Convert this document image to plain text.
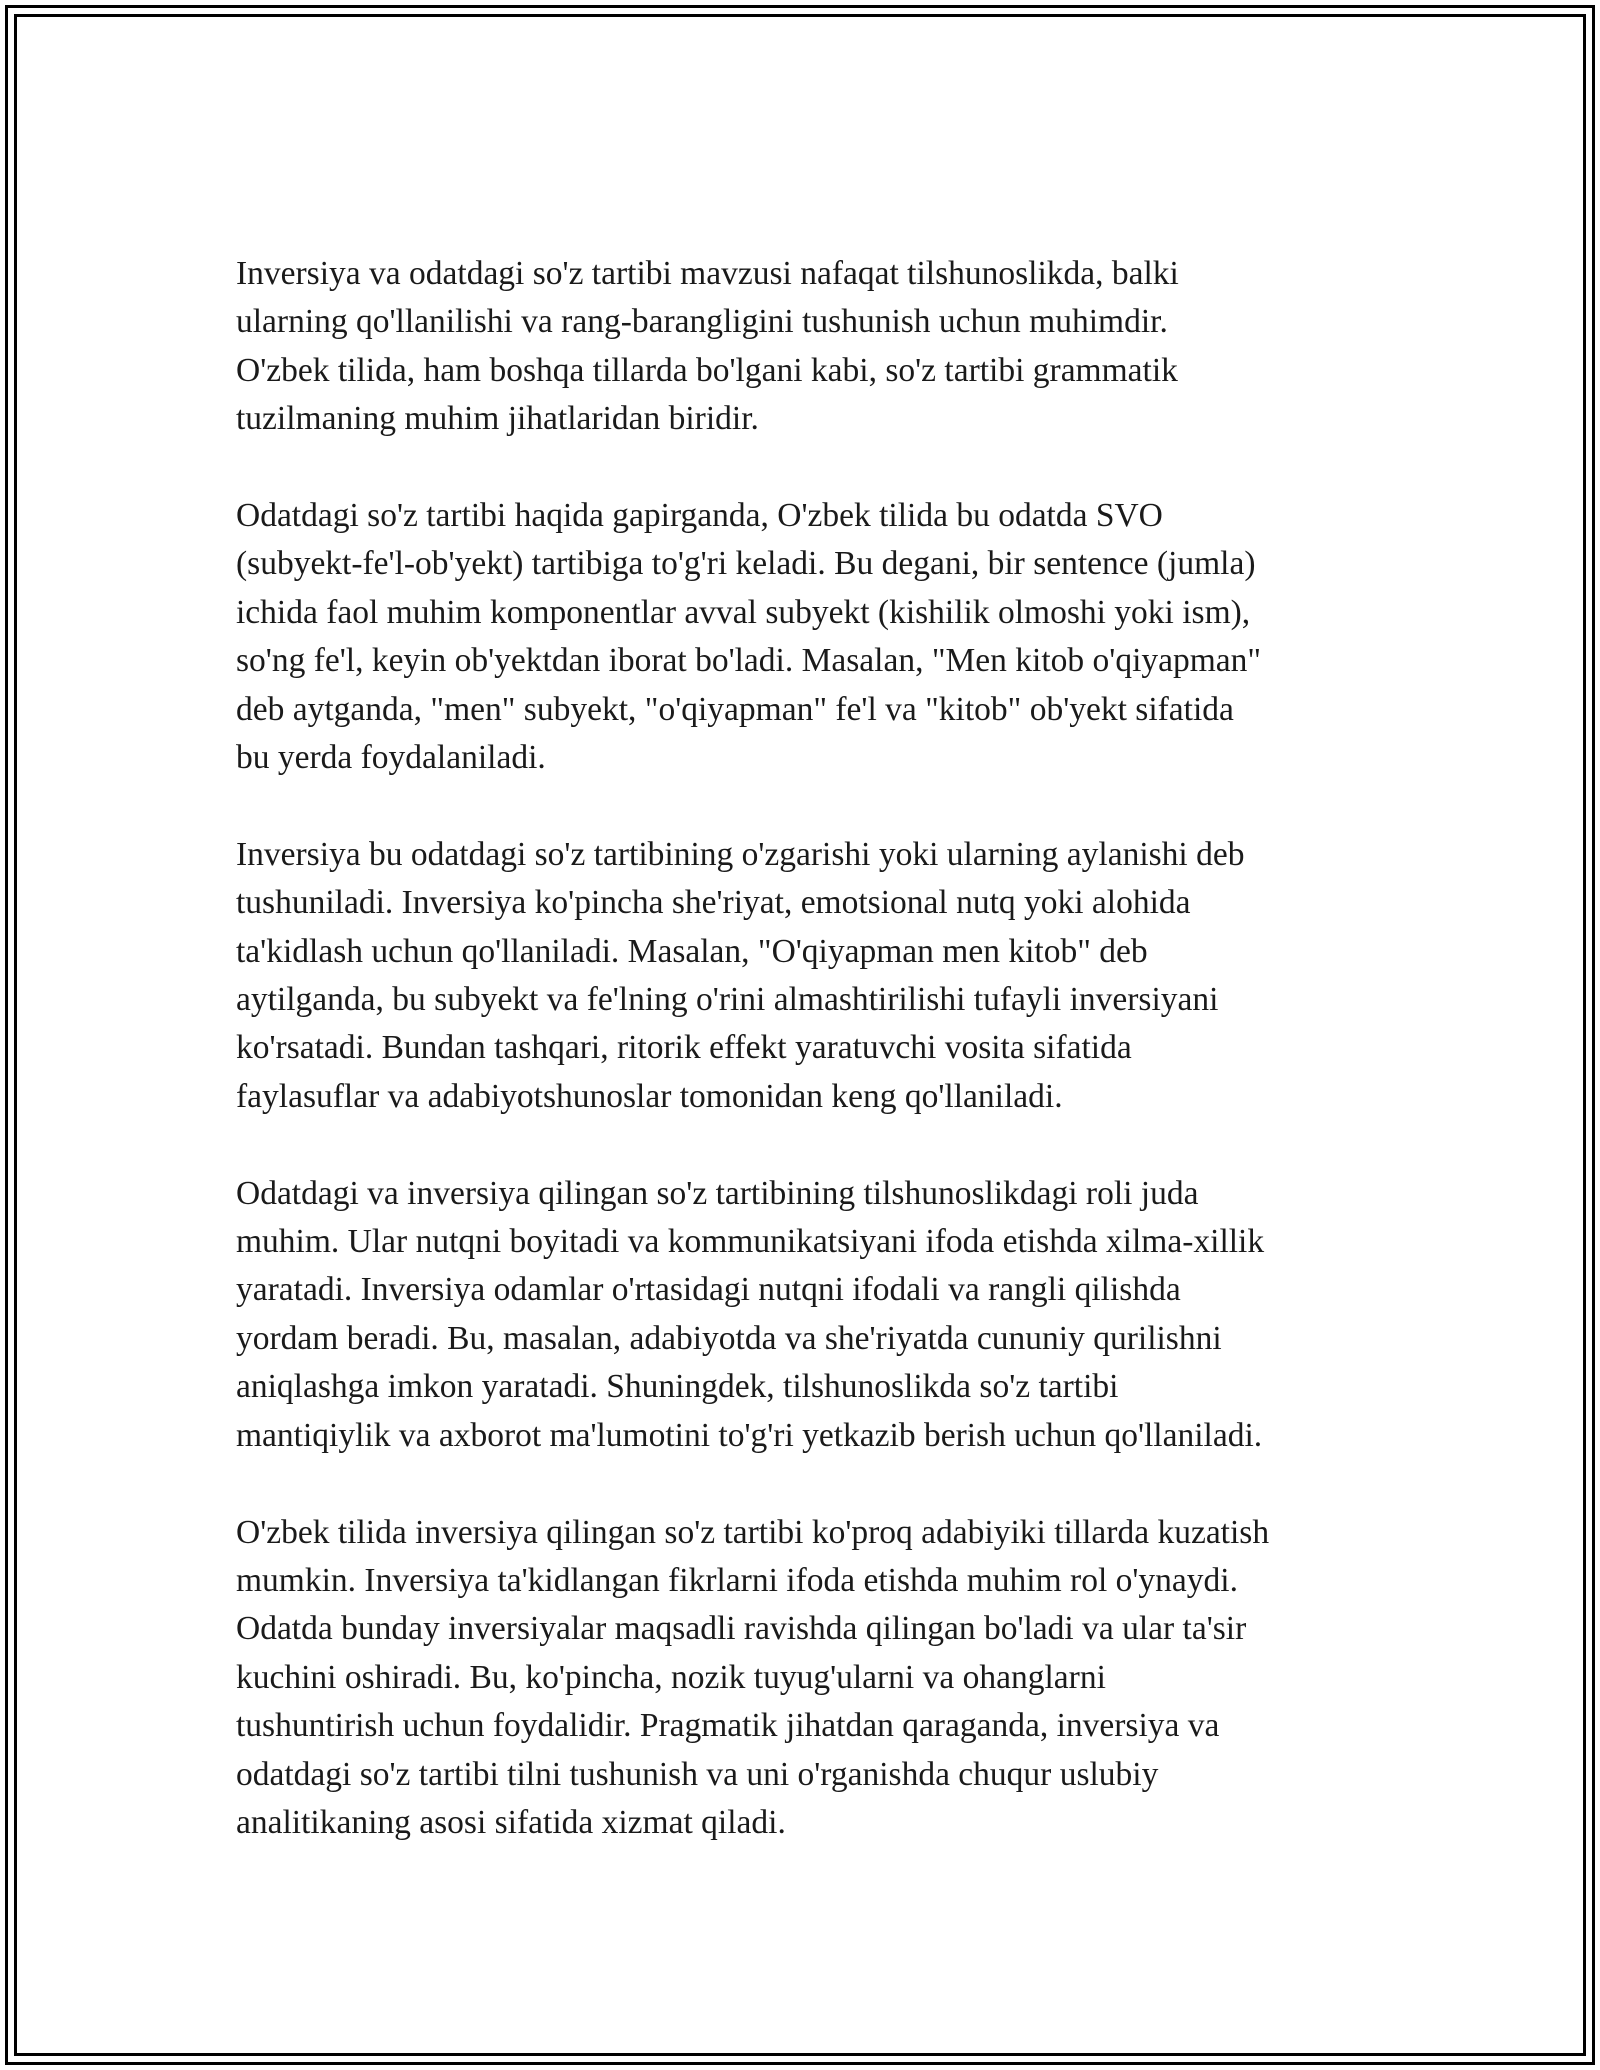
Inversiya va odatdagi so'z tartibi mavzusi nafaqat tilshunoslikda, balki
ularning qo'llanilishi va rang-barangligini tushunish uchun muhimdir.
O'zbek tilida, ham boshqa tillarda bo'lgani kabi, so'z tartibi grammatik
tuzilmaning muhim jihatlaridan biridir.

Odatdagi so'z tartibi haqida gapirganda, O'zbek tilida bu odatda SVO
(subyekt-fe'l-ob'yekt) tartibiga to'g'ri keladi. Bu degani, bir sentence (jumla)
ichida faol muhim komponentlar avval subyekt (kishilik olmoshi yoki ism),
so'ng fe'l, keyin ob'yektdan iborat bo'ladi. Masalan, "Men kitob o'qiyapman"
deb aytganda, "men" subyekt, "o'qiyapman" fe'l va "kitob" ob'yekt sifatida
bu yerda foydalaniladi.

Inversiya bu odatdagi so'z tartibining o'zgarishi yoki ularning aylanishi deb
tushuniladi. Inversiya ko'pincha she'riyat, emotsional nutq yoki alohida
ta'kidlash uchun qo'llaniladi. Masalan, "O'qiyapman men kitob" deb
aytilganda, bu subyekt va fe'lning o'rini almashtirilishi tufayli inversiyani
ko'rsatadi. Bundan tashqari, ritorik effekt yaratuvchi vosita sifatida
faylasuflar va adabiyotshunoslar tomonidan keng qo'llaniladi.

Odatdagi va inversiya qilingan so'z tartibining tilshunoslikdagi roli juda
muhim. Ular nutqni boyitadi va kommunikatsiyani ifoda etishda xilma-xillik
yaratadi. Inversiya odamlar o'rtasidagi nutqni ifodali va rangli qilishda
yordam beradi. Bu, masalan, adabiyotda va she'riyatda cununiy qurilishni
aniqlashga imkon yaratadi. Shuningdek, tilshunoslikda so'z tartibi
mantiqiylik va axborot ma'lumotini to'g'ri yetkazib berish uchun qo'llaniladi.

O'zbek tilida inversiya qilingan so'z tartibi ko'proq adabiyiki tillarda kuzatish
mumkin. Inversiya ta'kidlangan fikrlarni ifoda etishda muhim rol o'ynaydi.
Odatda bunday inversiyalar maqsadli ravishda qilingan bo'ladi va ular ta'sir
kuchini oshiradi. Bu, ko'pincha, nozik tuyug'ularni va ohanglarni
tushuntirish uchun foydalidir. Pragmatik jihatdan qaraganda, inversiya va
odatdagi so'z tartibi tilni tushunish va uni o'rganishda chuqur uslubiy
analitikaning asosi sifatida xizmat qiladi.
